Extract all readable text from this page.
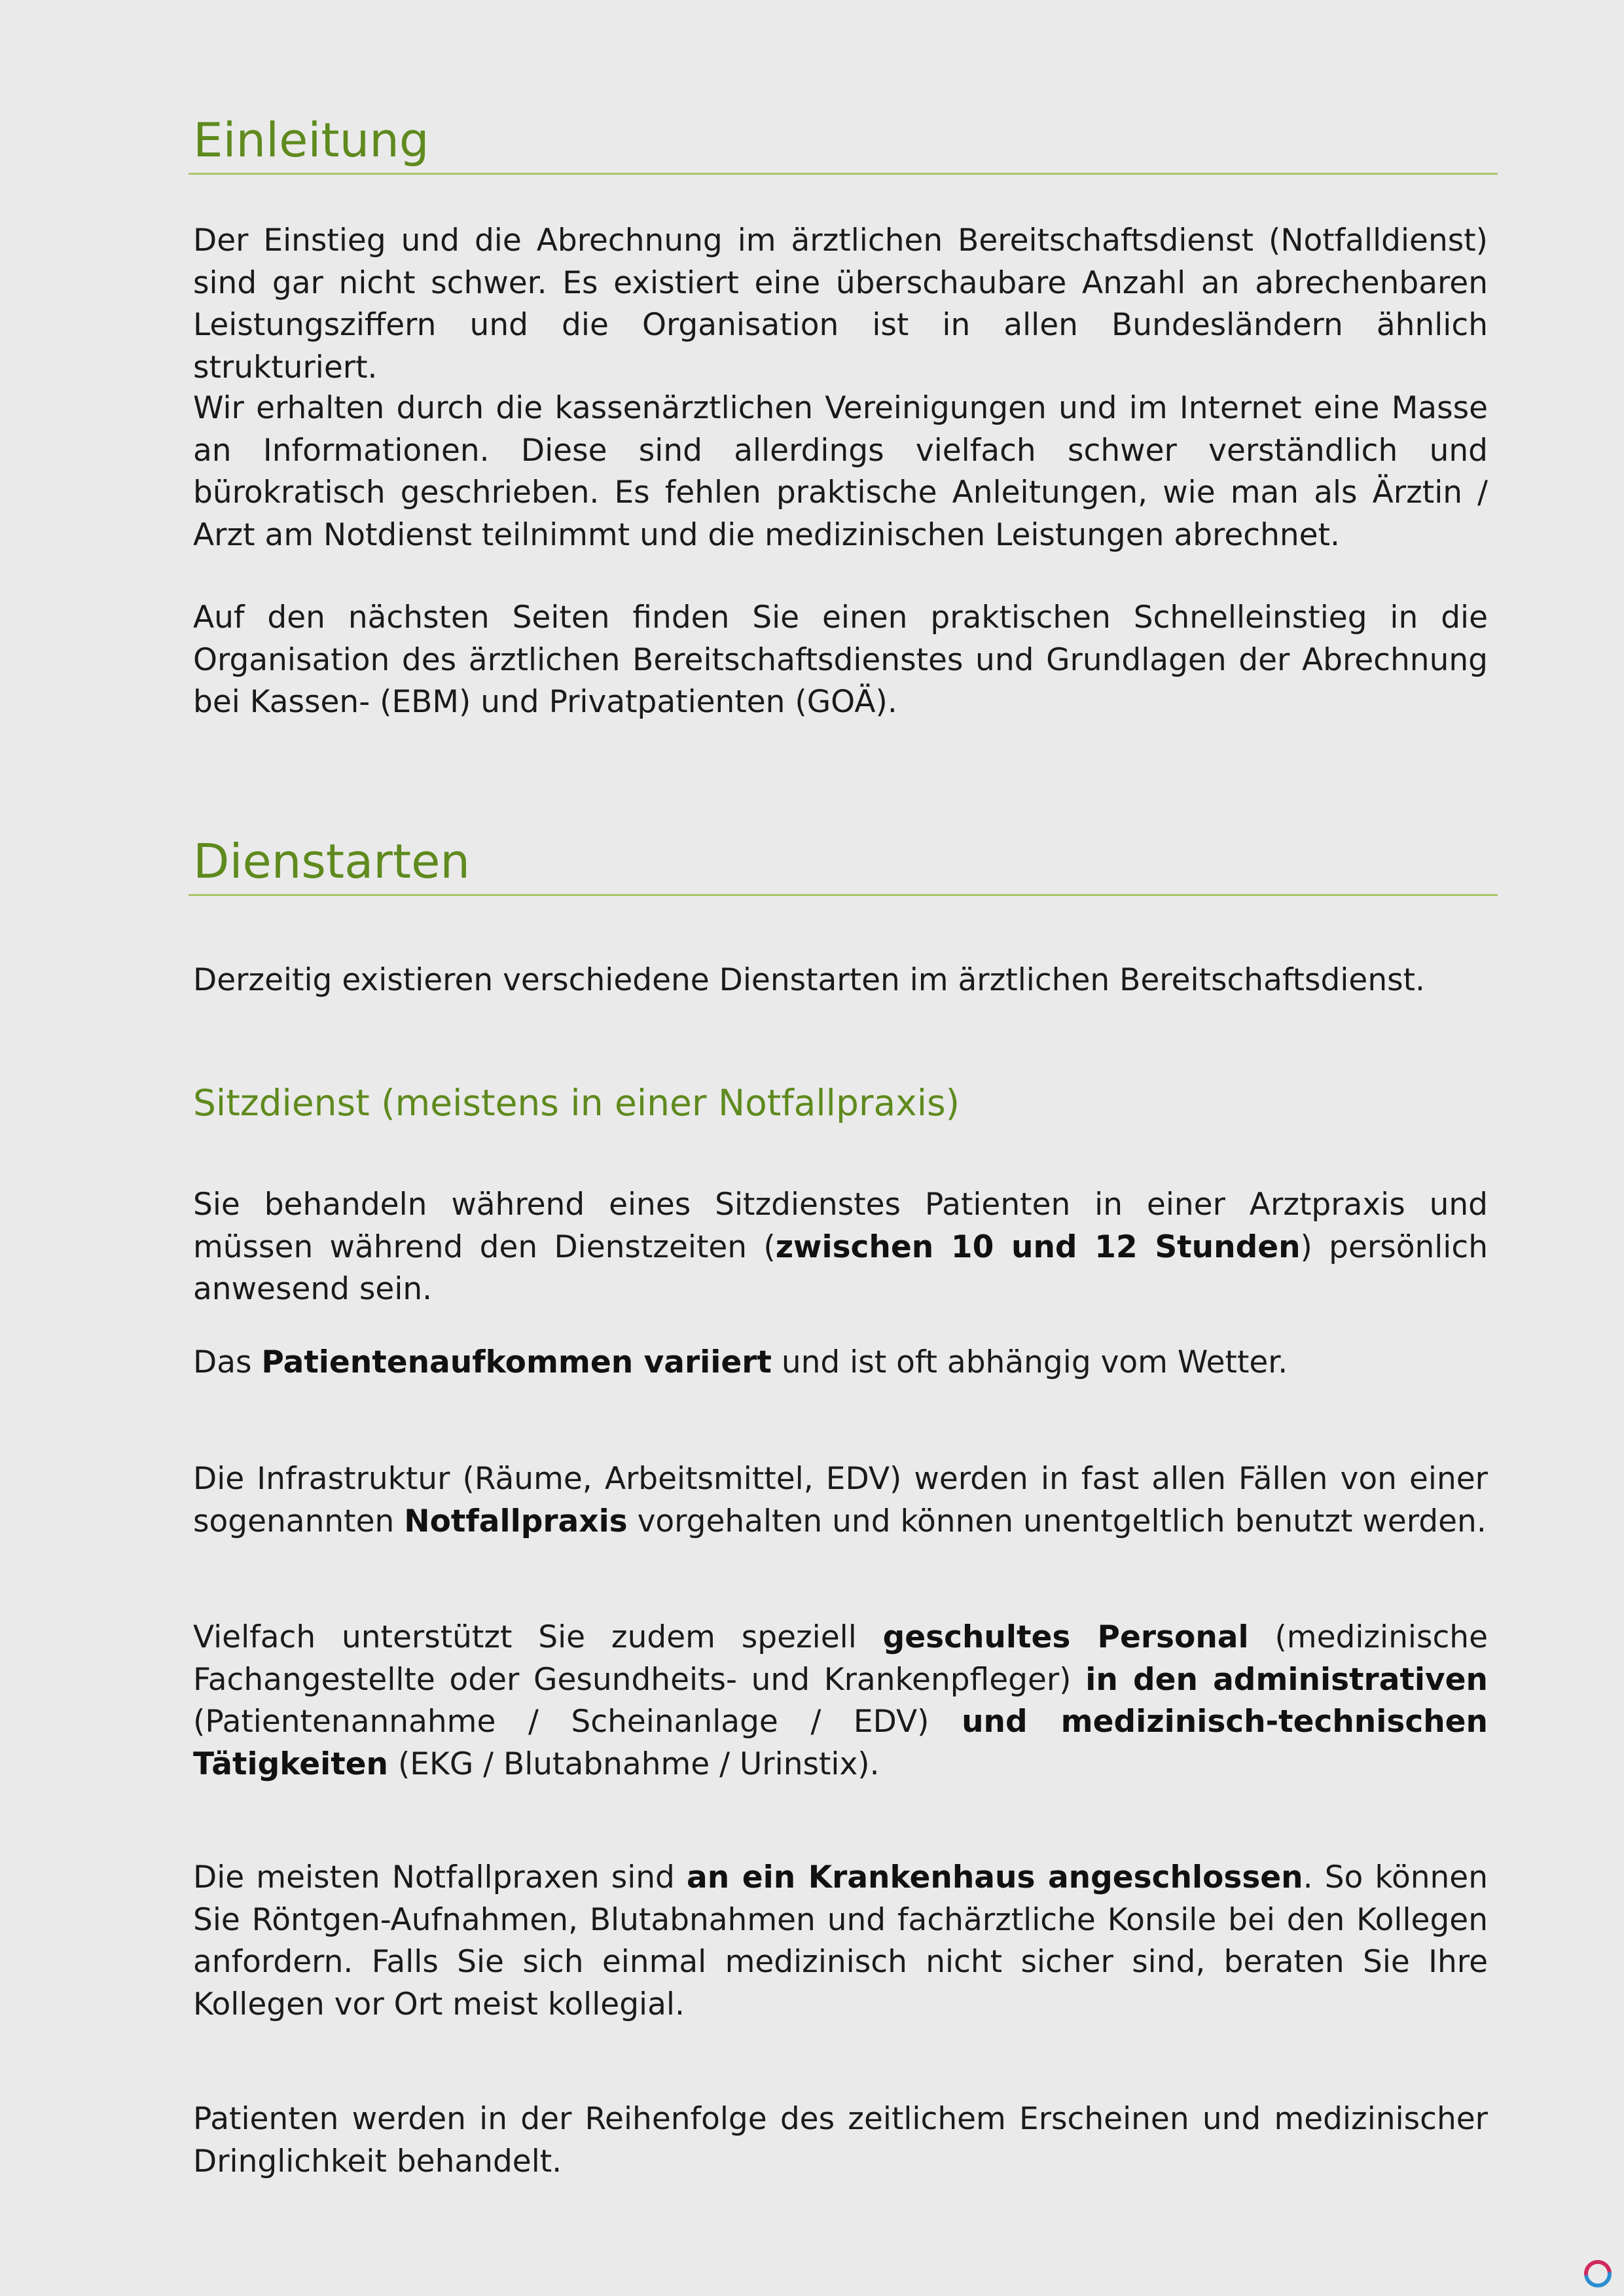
Einleitung

Der Einstieg und die Abrechnung im ärztlichen Bereitschaftsdienst (Notfalldienst) sind gar nicht schwer. Es existiert eine überschaubare Anzahl an abrechenbaren Leistungsziffern und die Organisation ist in allen Bundesländern ähnlich strukturiert.

Wir erhalten durch die kassenärztlichen Vereinigungen und im Internet eine Masse an Informationen. Diese sind allerdings vielfach schwer verständlich und bürokratisch geschrieben. Es fehlen praktische Anleitungen, wie man als Ärztin / Arzt am Notdienst teilnimmt und die medizinischen Leistungen abrechnet.

Auf den nächsten Seiten finden Sie einen praktischen Schnelleinstieg in die Organisation des ärztlichen Bereitschaftsdienstes und Grundlagen der Abrechnung bei Kassen- (EBM) und Privatpatienten (GOÄ).

Dienstarten

Derzeitig existieren verschiedene Dienstarten im ärztlichen Bereitschaftsdienst.

Sitzdienst (meistens in einer Notfallpraxis)

Sie behandeln während eines Sitzdienstes Patienten in einer Arztpraxis und müssen während den Dienstzeiten (zwischen 10 und 12 Stunden) persönlich anwesend sein.

Das Patientenaufkommen variiert und ist oft abhängig vom Wetter.

Die Infrastruktur (Räume, Arbeitsmittel, EDV) werden in fast allen Fällen von einer sogenannten Notfallpraxis vorgehalten und können unentgeltlich benutzt werden.

Vielfach unterstützt Sie zudem speziell geschultes Personal (medizinische Fachangestellte oder Gesundheits- und Krankenpfleger) in den administrativen (Patientenannahme / Scheinanlage / EDV) und medizinisch-technischen Tätigkeiten (EKG / Blutabnahme / Urinstix).

Die meisten Notfallpraxen sind an ein Krankenhaus angeschlossen. So können Sie Röntgen-Aufnahmen, Blutabnahmen und fachärztliche Konsile bei den Kollegen anfordern. Falls Sie sich einmal medizinisch nicht sicher sind, beraten Sie Ihre Kollegen vor Ort meist kollegial.

Patienten werden in der Reihenfolge des zeitlichem Erscheinen und medizinischer Dringlichkeit behandelt.
